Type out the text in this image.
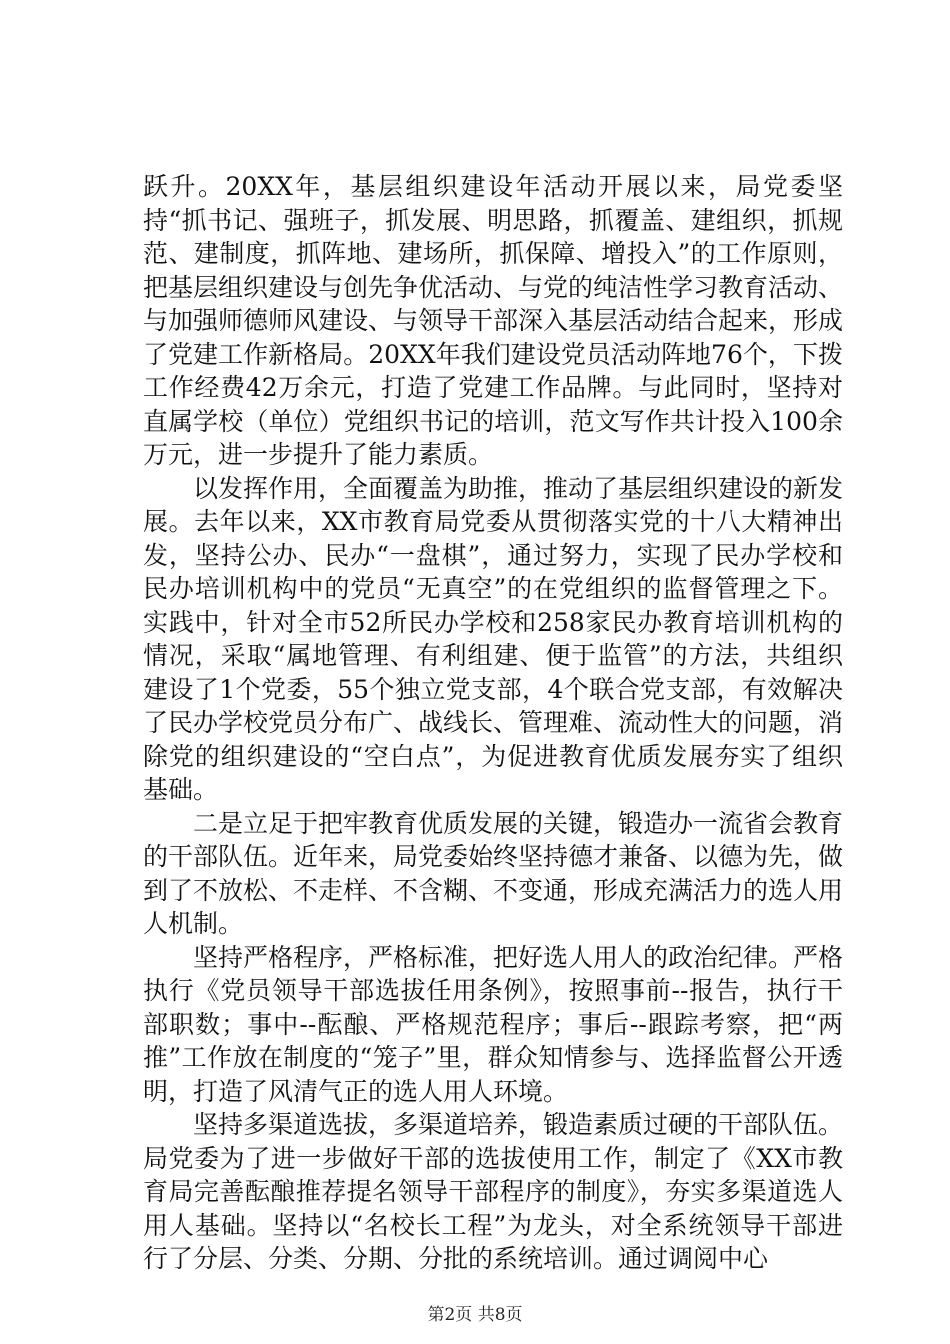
跃升。20XX年，基层组织建设年活动开展以来，局党委坚持“抓书记、强班子，抓发展、明思路，抓覆盖、建组织，抓规范、建制度，抓阵地、建场所，抓保障、增投入”的工作原则，把基层组织建设与创先争优活动、与党的纯洁性学习教育活动、与加强师德师风建设、与领导干部深入基层活动结合起来，形成了党建工作新格局。20XX年我们建设党员活动阵地76个，下拨工作经费42万余元，打造了党建工作品牌。与此同时，坚持对直属学校（单位）党组织书记的培训，范文写作共计投入100余万元，进一步提升了能力素质。

以发挥作用，全面覆盖为助推，推动了基层组织建设的新发展。去年以来，XX市教育局党委从贯彻落实党的十八大精神出发，坚持公办、民办“一盘棋”，通过努力，实现了民办学校和民办培训机构中的党员“无真空”的在党组织的监督管理之下。实践中，针对全市52所民办学校和258家民办教育培训机构的情况，采取“属地管理、有利组建、便于监管”的方法，共组织建设了1个党委，55个独立党支部，4个联合党支部，有效解决了民办学校党员分布广、战线长、管理难、流动性大的问题，消除党的组织建设的“空白点”，为促进教育优质发展夯实了组织基础。

二是立足于把牢教育优质发展的关键，锻造办一流省会教育的干部队伍。近年来，局党委始终坚持德才兼备、以德为先，做到了不放松、不走样、不含糊、不变通，形成充满活力的选人用人机制。

坚持严格程序，严格标准，把好选人用人的政治纪律。严格执行《党员领导干部选拔任用条例》，按照事前--报告，执行干部职数；事中--酝酿、严格规范程序；事后--跟踪考察，把“两推”工作放在制度的“笼子”里，群众知情参与、选择监督公开透明，打造了风清气正的选人用人环境。

坚持多渠道选拔，多渠道培养，锻造素质过硬的干部队伍。局党委为了进一步做好干部的选拔使用工作，制定了《XX市教育局完善酝酿推荐提名领导干部程序的制度》，夯实多渠道选人用人基础。坚持以“名校长工程”为龙头，对全系统领导干部进行了分层、分类、分期、分批的系统培训。通过调阅中心

第2页 共8页
